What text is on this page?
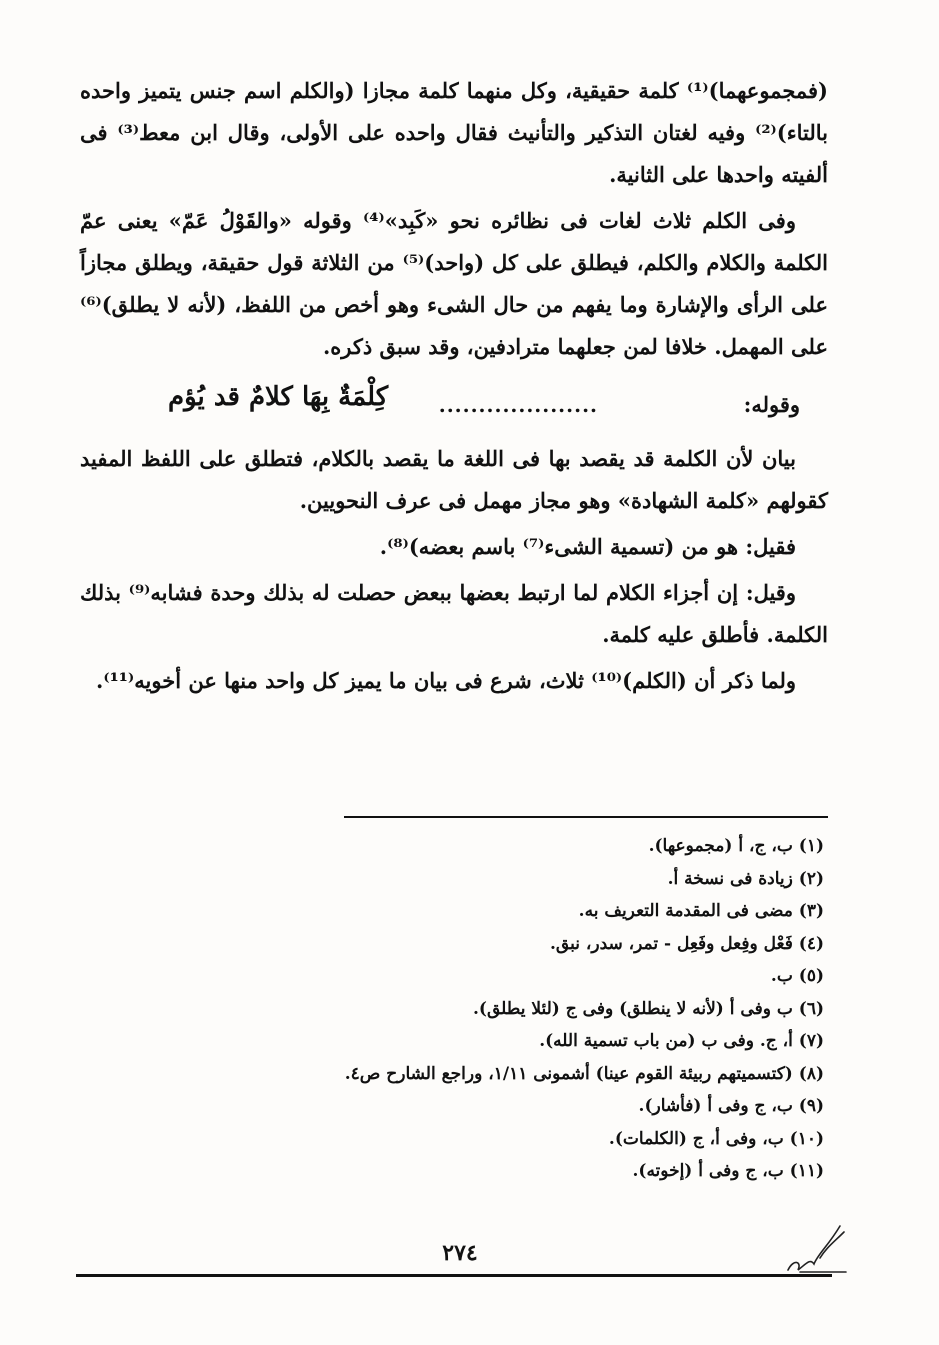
(فمجموعهما)⁽¹⁾ كلمة حقيقية، وكل منهما كلمة مجازا (والكلم اسم جنس يتميز واحده بالتاء)⁽²⁾ وفيه لغتان التذكير والتأنيث فقال واحده على الأولى، وقال ابن معط⁽³⁾ فى ألفيته واحدها على الثانية.

وفى الكلم ثلاث لغات فى نظائره نحو «كَبِد»⁽⁴⁾ وقوله «والقَوْلُ عَمّ» يعنى عمّ الكلمة والكلام والكلم، فيطلق على كل (واحد)⁽⁵⁾ من الثلاثة قول حقيقة، ويطلق مجازاً على الرأى والإشارة وما يفهم من حال الشىء وهو أخص من اللفظ، (لأنه لا يطلق)⁽⁶⁾ على المهمل. خلافا لمن جعلهما مترادفين، وقد سبق ذكره.

وقوله:
....................
كِلْمَةٌ بِهَا كلامٌ قد يُؤم

بيان لأن الكلمة قد يقصد بها فى اللغة ما يقصد بالكلام، فتطلق على اللفظ المفيد كقولهم «كلمة الشهادة» وهو مجاز مهمل فى عرف النحويين.

فقيل: هو من (تسمية الشىء⁽⁷⁾ باسم بعضه)⁽⁸⁾.

وقيل: إن أجزاء الكلام لما ارتبط بعضها ببعض حصلت له بذلك وحدة فشابه⁽⁹⁾ بذلك الكلمة. فأطلق عليه كلمة.

ولما ذكر أن (الكلم)⁽¹⁰⁾ ثلاث، شرع فى بيان ما يميز كل واحد منها عن أخويه⁽¹¹⁾.

(١) ب، ج، أ (مجموعها).

(٢) زيادة فى نسخة أ.

(٣) مضى فى المقدمة التعريف به.

(٤) فَعْل وفِعل وفَعِل - تمر، سدر، نبق.

(٥) ب.

(٦) ب وفى أ (لأنه لا ينطلق) وفى ج (لئلا يطلق).

(٧) أ، ج. وفى ب (من باب تسمية الله).

(٨) (كتسميتهم ربيئة القوم عينا) أشمونى ١/١١، وراجع الشارح ص٤.

(٩) ب، ج وفى أ (فأشار).

(١٠) ب، وفى أ، ج (الكلمات).

(١١) ب، ج وفى أ (إخوته).

٢٧٤
